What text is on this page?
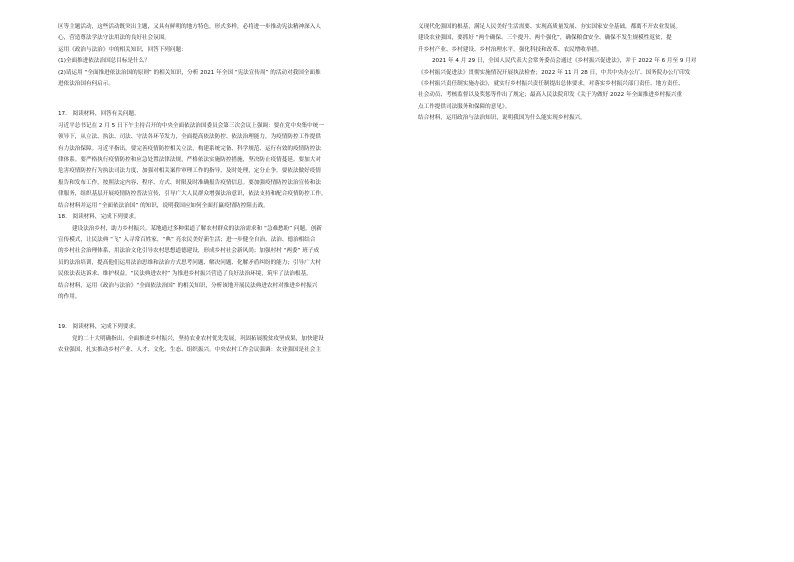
区等主题活动，这些活动既突出主题，又具有鲜明的地方特色，形式多样，必将进一步推动宪法精神深入人

心，营造尊法学法守法用法的良好社会氛围。

运用《政治与法治》中的相关知识，回答下列问题：

(1)全面推进依法治国总目标是什么？

(2)请运用 “全面推进依法治国的原则” 的相关知识，分析 2021 年全国 “宪法宣传周” 的活动对我国全面推

进依法治国有何启示。

17． 阅读材料，回答有关问题。

习近平总书记在 2 月 5 日下午主持召开的中央全面依法治国委员会第三次会议上强调：要在党中央集中统一

领导下，从立法、执法、司法、守法各环节发力，全面提高依法防控、依法治理能力，为疫情防控工作提供

有力法治保障。习近平指出，要完善疫情防控相关立法，构建系统完备、科学规范、运行有效的疫情防控法

律体系。要严格执行疫情防控和应急处置法律法规，严格依法实施防控措施，坚决防止疫情蔓延。要加大对

危害疫情防控行为执法司法力度，加强对相关案件审理工作的指导，及时处理，定分止争。要依法做好疫情

报告和发布工作，按照法定内容、程序、方式、时限及时准确报告疫情信息。要加强疫情防控法治宣传和法

律服务，组织基层开展疫情防控普法宣传，引导广大人民群众增强法治意识，依法支持和配合疫情防控工作。

结合材料并运用 “全面依法治国” 的知识，说明我国应如何全面打赢疫情防控阻击战。

18． 阅读材料，完成下列要求。

建设法治乡村，助力乡村振兴。某地通过多种渠道了解农村群众的法治需求和 “急难愁盼” 问题，创新

宣传模式，让民法典 “飞” 入寻常百姓家，“典” 亮农民美好新生活；进一步健全自治、法治、德治相结合

的乡村社会治理体系，用法治文化引导农村思想道德建设，形成乡村社会新风尚；加强村村 “两委” 班子成

员的法治培训，提高他们运用法治思维和法治方式思考问题、解决问题、化解矛盾纠纷的能力；引导广大村

民依法表达诉求、维护权益。“民法典进农村” 为推进乡村振兴营造了良好法治环境，筑牢了法治根基。

结合材料，运用《政治与法治》“全面依法治国” 的相关知识，分析该地开展民法典进农村对推进乡村振兴

的作用。

19． 阅读材料，完成下列要求。

党的二十大明确指出，全面推进乡村振兴，坚持农业农村优先发展，巩固拓展脱贫攻坚成果，加快建设

农业强国，扎实推动乡村产业、人才、文化、生态、组织振兴。中央农村工作会议强调：农业强国是社会主

义现代化强国的根基，满足人民美好生活需要、实现高质量发展、夯实国家安全基础，都离不开农业发展。

建设农业强国，要抓好 “两个确保、三个提升、两个强化”，确保粮食安全、确保不发生规模性返贫，提

升乡村产业、乡村建设、乡村治理水平，强化科技和改革、农民增收举措。

2021 年 4 月 29 日，全国人民代表大会常务委员会通过《乡村振兴促进法》，并于 2022 年 6 月至 9 月对

《乡村振兴促进法》贯彻实施情况开展执法检查；2022 年 11 月 28 日，中共中央办公厅、国务院办公厅印发

《乡村振兴责任制实施办法》，就实行乡村振兴责任制提出总体要求，对落实乡村振兴部门责任、地方责任、

社会动员、考核监督以及奖惩等作出了规定；最高人民法院印发《关于为做好 2022 年全面推进乡村振兴重

点工作提供司法服务和保障的意见》。

结合材料，运用政治与法治知识，说明我国为什么能实现乡村振兴。
